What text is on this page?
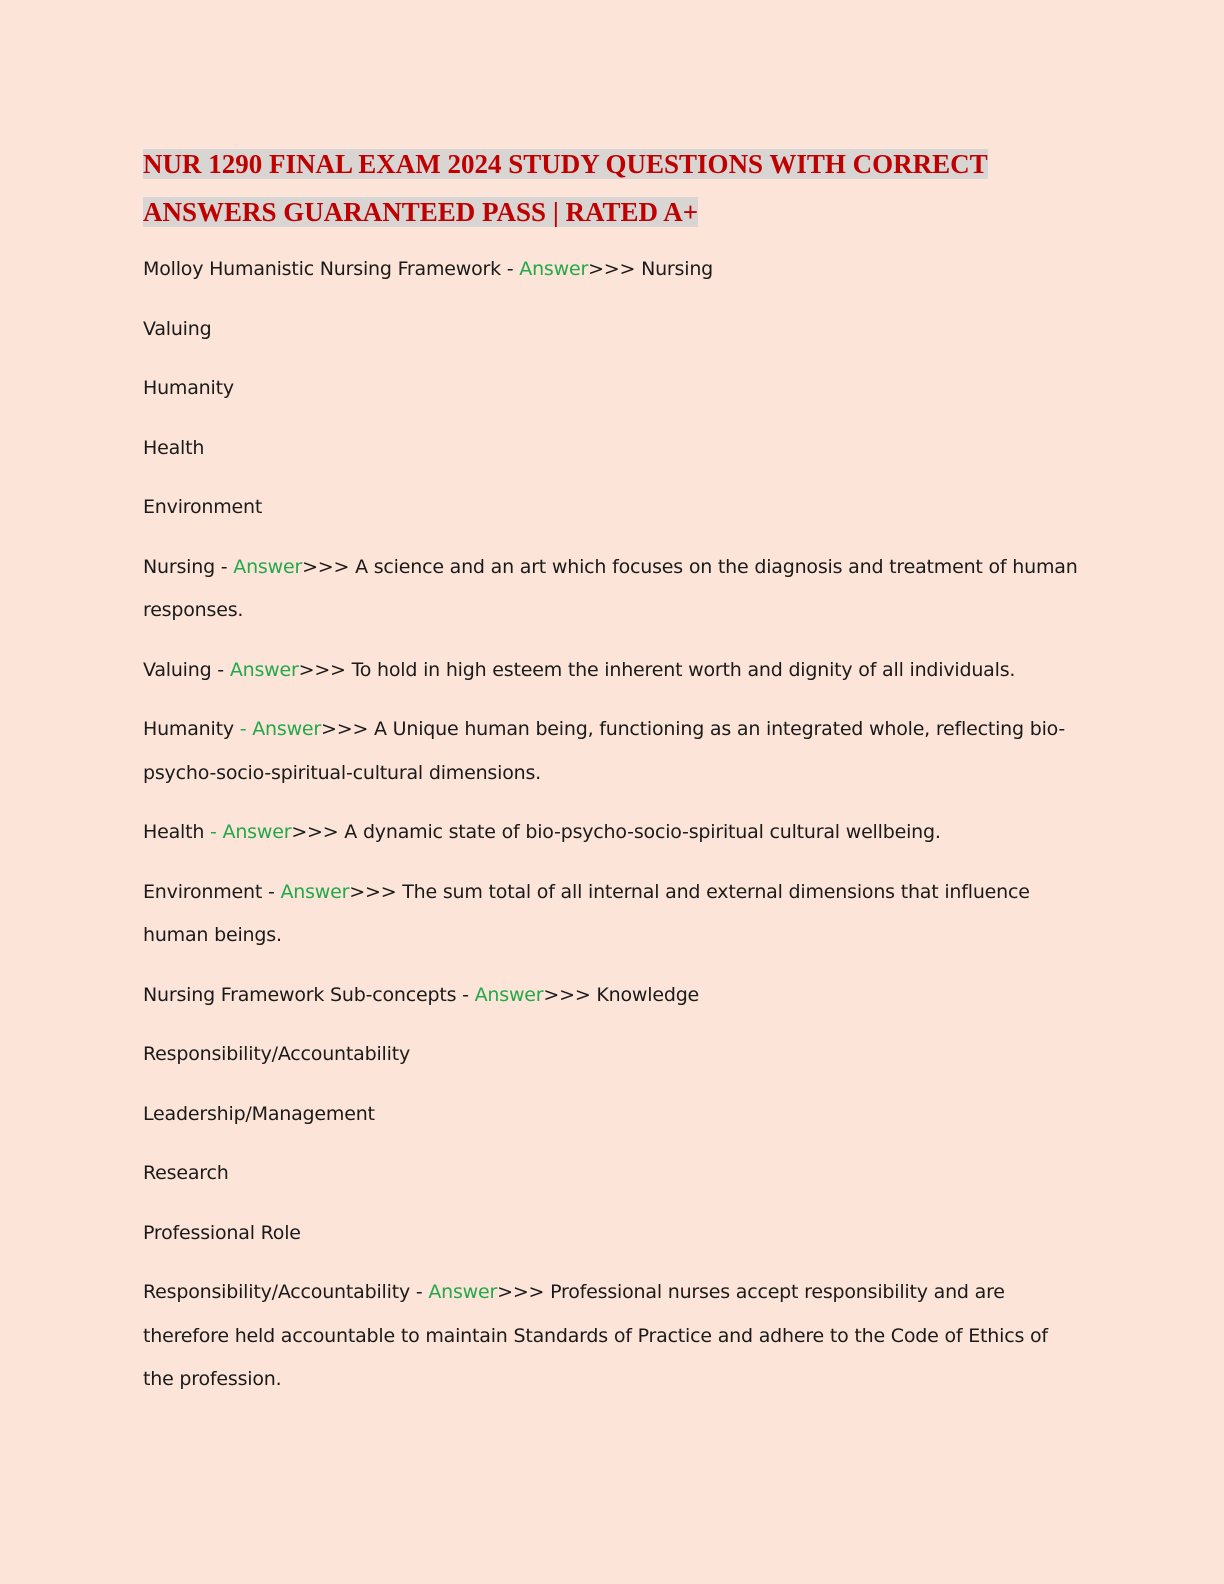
NUR 1290 FINAL EXAM 2024 STUDY QUESTIONS WITH CORRECT ANSWERS GUARANTEED PASS | RATED A+

Molloy Humanistic Nursing Framework - Answer>>> Nursing

Valuing

Humanity

Health

Environment

Nursing - Answer>>> A science and an art which focuses on the diagnosis and treatment of human responses.

Valuing - Answer>>> To hold in high esteem the inherent worth and dignity of all individuals.

Humanity - Answer>>> A Unique human being, functioning as an integrated whole, reflecting bio-psycho-socio-spiritual-cultural dimensions.

Health - Answer>>> A dynamic state of bio-psycho-socio-spiritual cultural wellbeing.

Environment - Answer>>> The sum total of all internal and external dimensions that influence human beings.

Nursing Framework Sub-concepts - Answer>>> Knowledge

Responsibility/Accountability

Leadership/Management

Research

Professional Role

Responsibility/Accountability - Answer>>> Professional nurses accept responsibility and are therefore held accountable to maintain Standards of Practice and adhere to the Code of Ethics of the profession.
